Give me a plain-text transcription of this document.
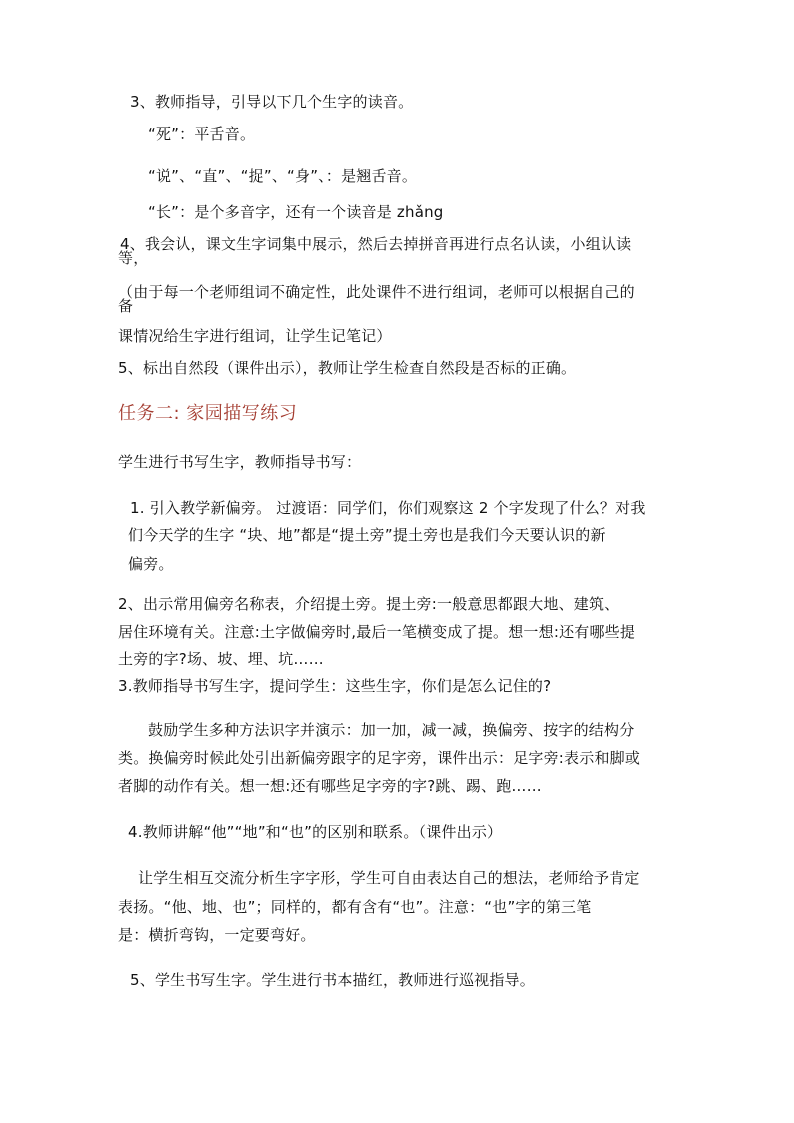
3、教师指导，引导以下几个生字的读音。
“死”：平舌音。
“说”、“直”、“捉”、“身”、：是翘舌音。
“长”：是个多音字，还有一个读音是 zhǎng
4、我会认，课文生字词集中展示，然后去掉拼音再进行点名认读，小组认读
等，
（由于每一个老师组词不确定性，此处课件不进行组词，老师可以根据自己的
备
课情况给生字进行组词，让学生记笔记）
5、标出自然段（课件出示），教师让学生检查自然段是否标的正确。
任务二: 家园描写练习
学生进行书写生字，教师指导书写：
1. 引入教学新偏旁。 过渡语：同学们，你们观察这 2 个字发现了什么？对我
们今天学的生字 “块、地”都是“提土旁”提土旁也是我们今天要认识的新
偏旁。
2、出示常用偏旁名称表，介绍提土旁。提土旁:一般意思都跟大地、建筑、
居住环境有关。注意:土字做偏旁时,最后一笔横变成了提。想一想:还有哪些提
土旁的字?场、坡、埋、坑……
3.教师指导书写生字，提问学生：这些生字，你们是怎么记住的?
鼓励学生多种方法识字并演示：加一加，减一减，换偏旁、按字的结构分
类。换偏旁时候此处引出新偏旁跟字的足字旁，课件出示：足字旁:表示和脚或
者脚的动作有关。想一想:还有哪些足字旁的字?跳、踢、跑……
4.教师讲解“他”“地”和“也”的区别和联系。（课件出示）
让学生相互交流分析生字字形，学生可自由表达自己的想法，老师给予肯定
表扬。“他、地、也”；同样的，都有含有“也”。注意：“也”字的第三笔
是：横折弯钩，一定要弯好。
5、学生书写生字。学生进行书本描红，教师进行巡视指导。
